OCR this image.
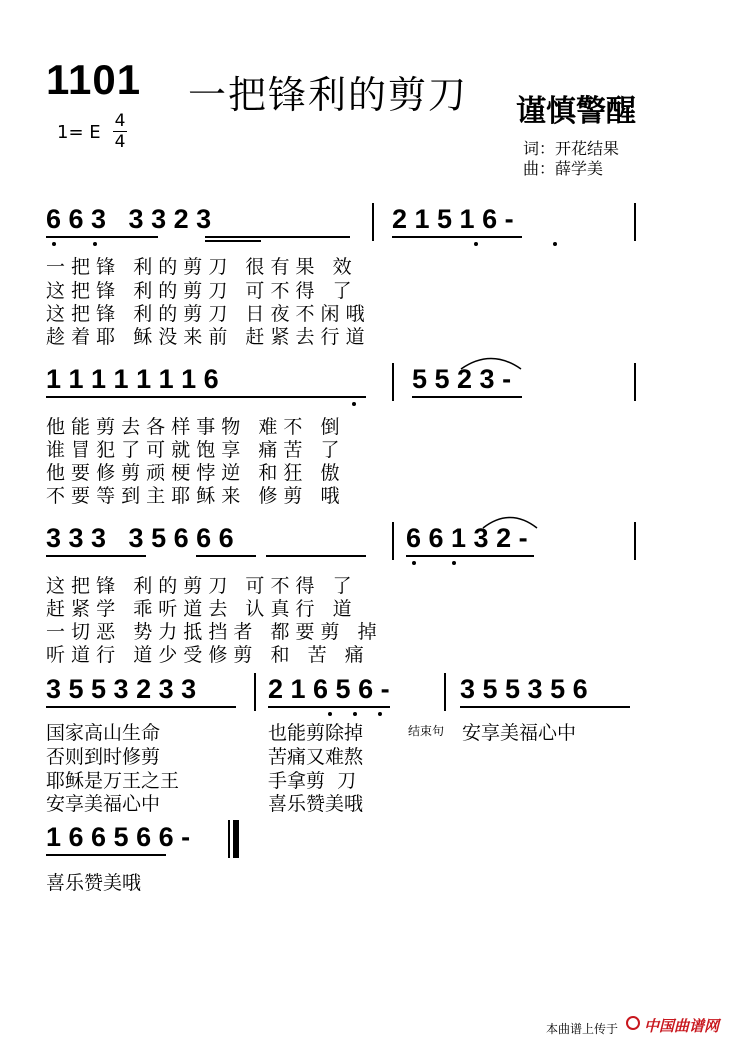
1101 一把锋利的剪刀 谨慎警醒
1= E
4
4	词：开花结果
曲：薛学美
6 6 3   3 3 2 3	2 1 5 1 6 -
一 把 锋   利 的 剪 刀   很 有 果   效
这 把 锋   利 的 剪 刀   可 不 得   了
这 把 锋   利 的 剪 刀   日 夜 不 闲 哦
趁 着 耶   稣 没 来 前   赶 紧 去 行 道
1 1 1 1 1 1 1 6	5 5 2 3 -
他 能 剪 去 各 样 事 物   难 不   倒
谁 冒 犯 了 可 就 饱 享   痛 苦   了
他 要 修 剪 顽 梗 悖 逆   和 狂   傲
不 要 等 到 主 耶 稣 来   修 剪   哦
3 3 3   3 5 6 6 6	6 6 1 3 2 -
这 把 锋   利 的 剪 刀   可 不 得   了
赶 紧 学   乖 听 道 去   认 真 行   道
一 切 恶   势 力 抵 挡 者   都 要 剪   掉
听 道 行   道 少 受 修 剪   和   苦   痛
3 5 5 3 2 3 3	2 1 6 5 6 -	3 5 5 3 5 6
国家高山生命	也能剪除掉	结束句 安享美福心中
否则到时修剪	苦痛又难熬
耶稣是万王之王	手拿剪  刀
安享美福心中	喜乐赞美哦
1 6 6 5 6 6 -
喜乐赞美哦
本曲谱上传于 中国曲谱网
